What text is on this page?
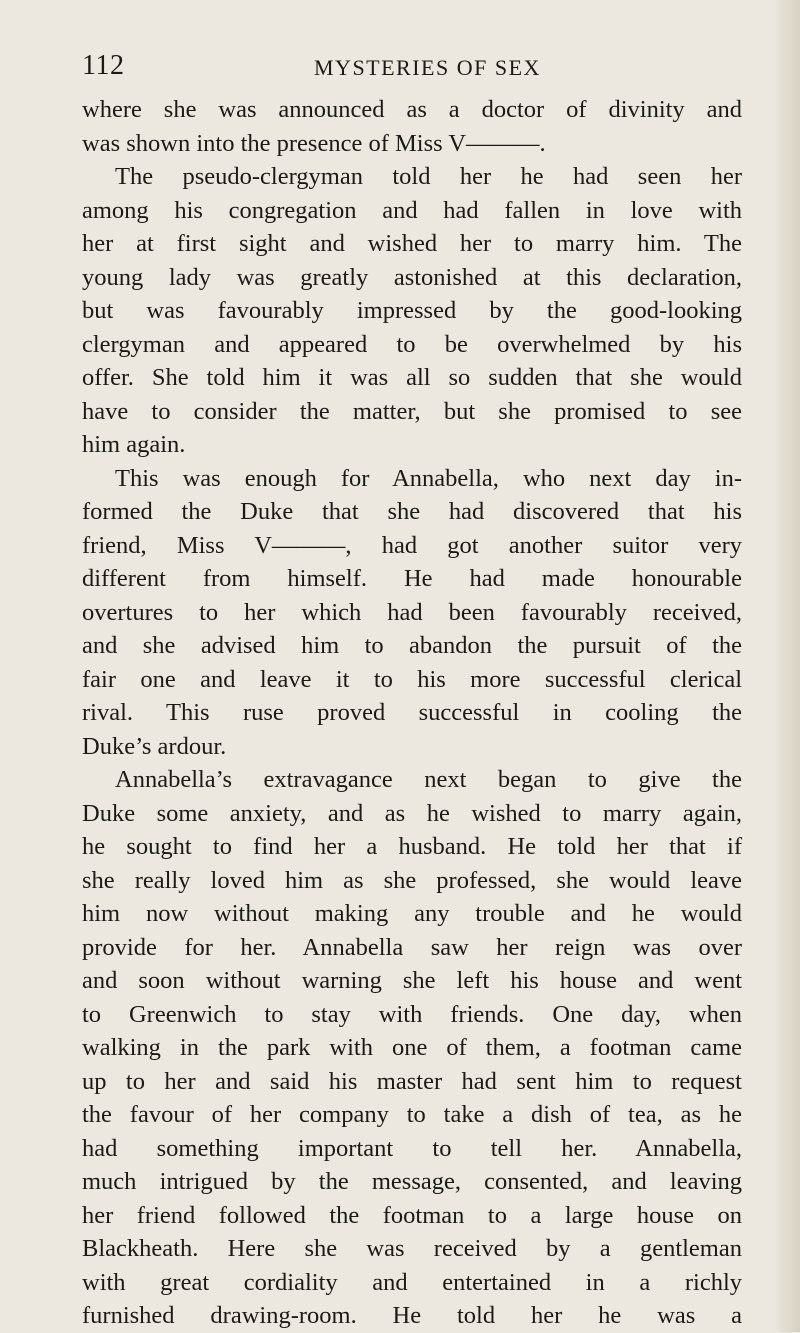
112	MYSTERIES OF SEX
where she was announced as a doctor of divinity and
was shown into the presence of Miss V———.
The pseudo-clergyman told her he had seen her
among his congregation and had fallen in love with
her at first sight and wished her to marry him. The
young lady was greatly astonished at this declaration,
but was favourably impressed by the good-looking
clergyman and appeared to be overwhelmed by his
offer. She told him it was all so sudden that she would
have to consider the matter, but she promised to see
him again.
This was enough for Annabella, who next day in-
formed the Duke that she had discovered that his
friend, Miss V———, had got another suitor very
different from himself. He had made honourable
overtures to her which had been favourably received,
and she advised him to abandon the pursuit of the
fair one and leave it to his more successful clerical
rival. This ruse proved successful in cooling the
Duke’s ardour.
Annabella’s extravagance next began to give the
Duke some anxiety, and as he wished to marry again,
he sought to find her a husband. He told her that if
she really loved him as she professed, she would leave
him now without making any trouble and he would
provide for her. Annabella saw her reign was over
and soon without warning she left his house and went
to Greenwich to stay with friends. One day, when
walking in the park with one of them, a footman came
up to her and said his master had sent him to request
the favour of her company to take a dish of tea, as he
had something important to tell her. Annabella,
much intrigued by the message, consented, and leaving
her friend followed the footman to a large house on
Blackheath. Here she was received by a gentleman
with great cordiality and entertained in a richly
furnished drawing-room. He told her he was a
